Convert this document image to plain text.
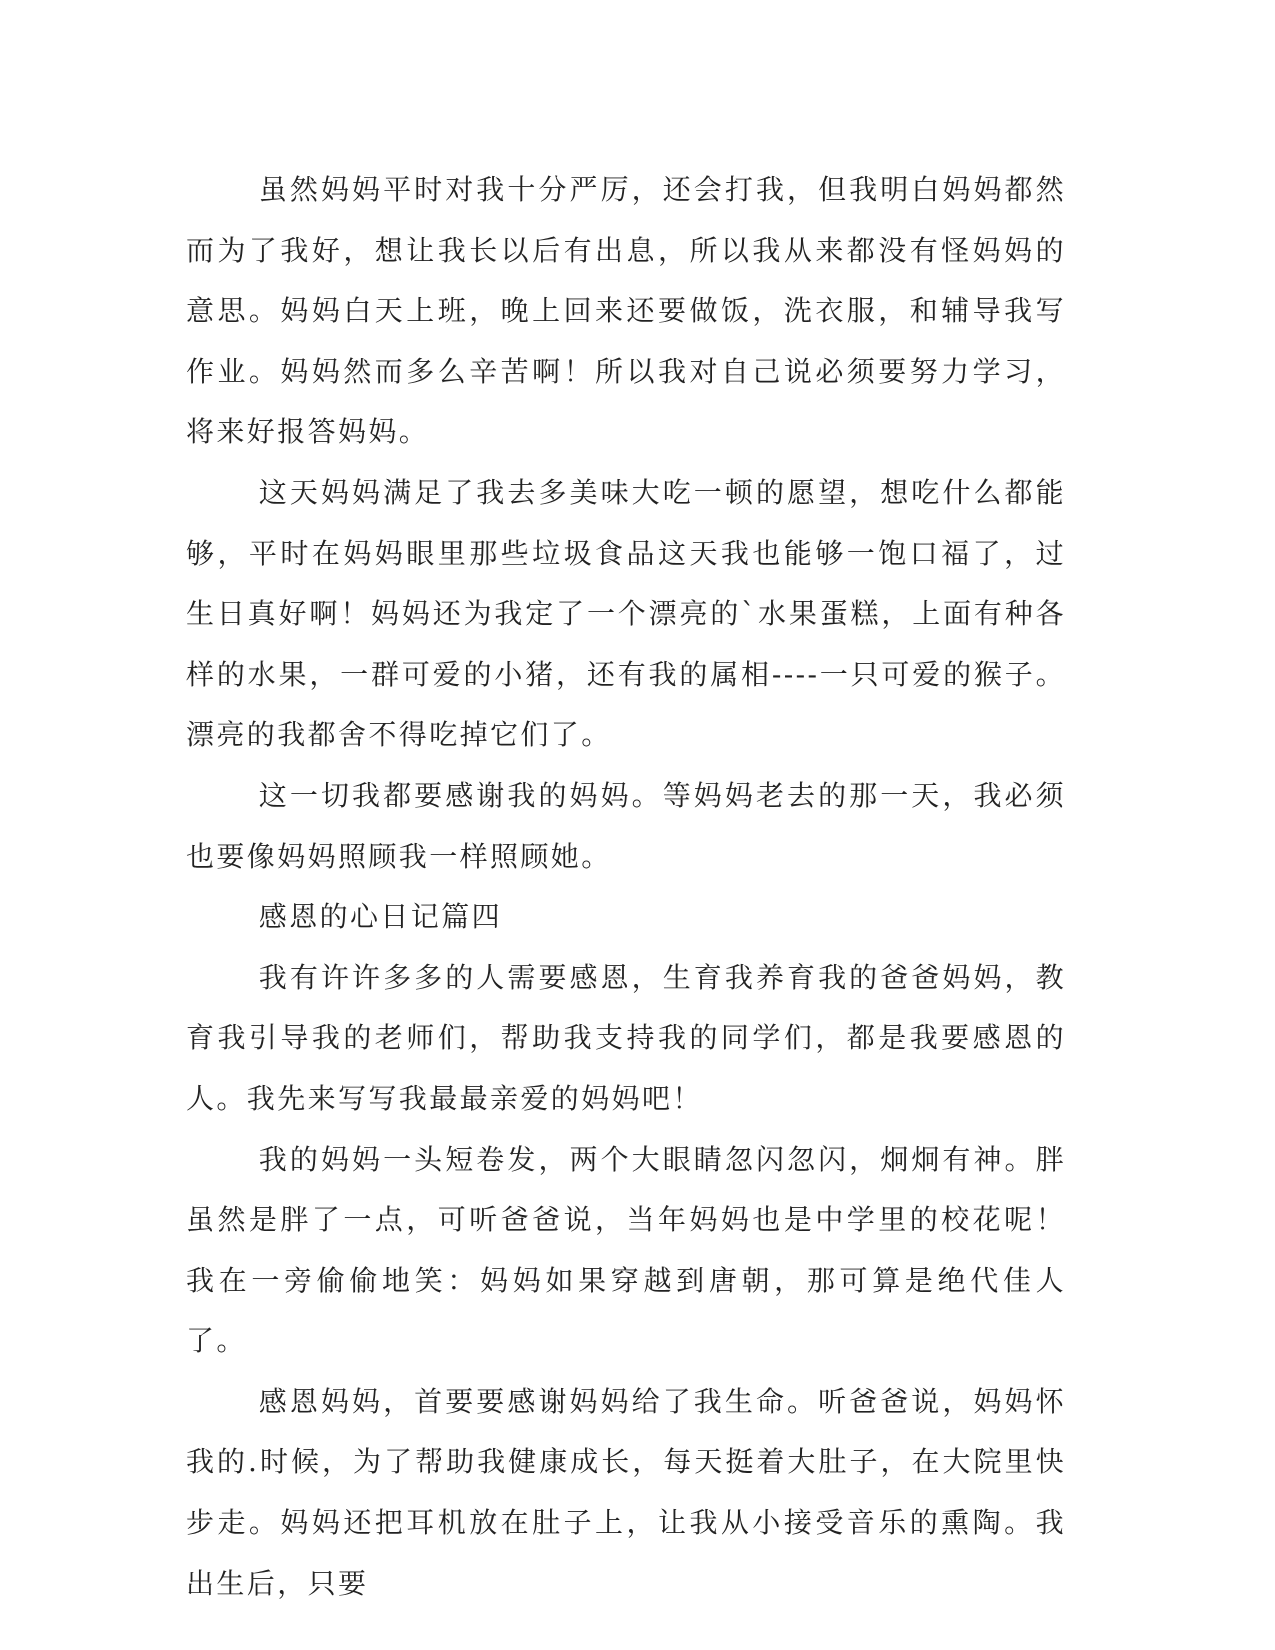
虽然妈妈平时对我十分严厉，还会打我，但我明白妈妈都然而为了我好，想让我长以后有出息，所以我从来都没有怪妈妈的意思。妈妈白天上班，晚上回来还要做饭，洗衣服，和辅导我写作业。妈妈然而多么辛苦啊！所以我对自己说必须要努力学习，将来好报答妈妈。

这天妈妈满足了我去多美味大吃一顿的愿望，想吃什么都能够，平时在妈妈眼里那些垃圾食品这天我也能够一饱口福了，过生日真好啊！妈妈还为我定了一个漂亮的`水果蛋糕，上面有种各样的水果，一群可爱的小猪，还有我的属相----一只可爱的猴子。漂亮的我都舍不得吃掉它们了。

这一切我都要感谢我的妈妈。等妈妈老去的那一天，我必须也要像妈妈照顾我一样照顾她。

感恩的心日记篇四

我有许许多多的人需要感恩，生育我养育我的爸爸妈妈，教育我引导我的老师们，帮助我支持我的同学们，都是我要感恩的人。我先来写写我最最亲爱的妈妈吧！

我的妈妈一头短卷发，两个大眼睛忽闪忽闪，炯炯有神。胖虽然是胖了一点，可听爸爸说，当年妈妈也是中学里的校花呢！我在一旁偷偷地笑：妈妈如果穿越到唐朝，那可算是绝代佳人了。

感恩妈妈，首要要感谢妈妈给了我生命。听爸爸说，妈妈怀我的.时候，为了帮助我健康成长，每天挺着大肚子，在大院里快步走。妈妈还把耳机放在肚子上，让我从小接受音乐的熏陶。我出生后，只要
